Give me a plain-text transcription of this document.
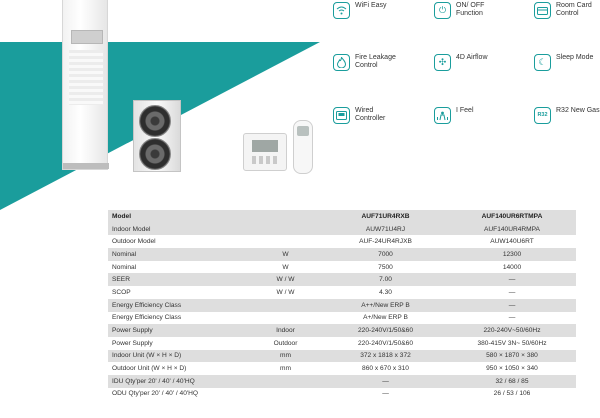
WiFi Easy	⏻	ON/ OFF
Function
Room Card
Control
Fire Leakage
Control	✣	4D Airflow	☾	Sleep Mode
Wired
Controller
I Feel
R32
R32 New Gas
Model		AUF71UR4RXB	AUF140UR6RTMPA
Indoor Model		AUW71U4RJ	AUF140UR4RMPA
Outdoor Model		AUF-24UR4RJXB	AUW140U6RT
Nominal	W	7000	12300
Nominal	W	7500	14000
SEER	W / W	7.00	—
SCOP	W / W	4.30	—
Energy Efficiency Class		A++/New ERP B	—
Energy Efficiency Class		A+/New ERP B	—
Power Supply	Indoor	220-240V/1/50&60	220-240V~50/60Hz
Power Supply	Outdoor	220-240V/1/50&60	380-415V 3N~ 50/60Hz
Indoor Unit (W × H × D)	mm	372 x 1818 x 372	580 × 1870 × 380
Outdoor Unit (W × H × D)	mm	860 x 670 x 310	950 × 1050 × 340
IDU Qty'per 20' / 40' / 40'HQ		—	32 / 68 / 85
ODU Qty'per 20' / 40' / 40'HQ		—	26 / 53 / 106
